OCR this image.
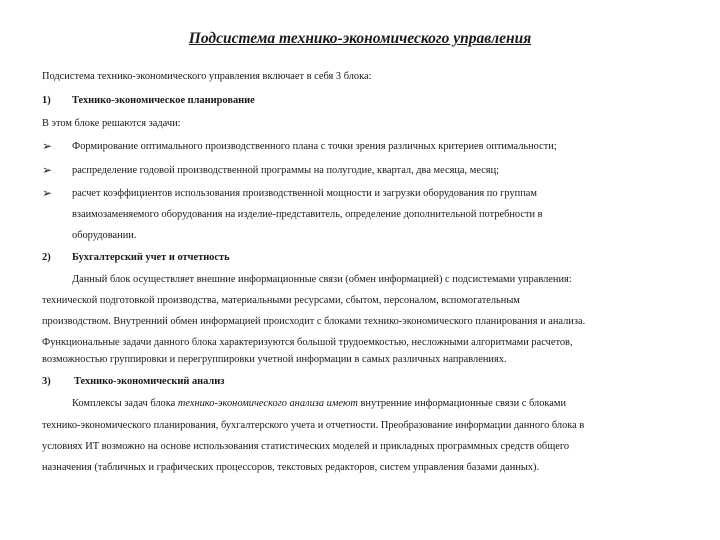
Подсистема технико-экономического управления
Подсистема технико-экономического управления включает в себя 3 блока:
1) Технико-экономическое планирование
В этом блоке решаются задачи:
➢ Формирование оптимального производственного плана с точки зрения различных критериев оптимальности;
➢ распределение годовой производственной программы на полугодие, квартал, два месяца, месяц;
➢ расчет коэффициентов использования производственной мощности и загрузки оборудования по группам
взаимозаменяемого оборудования на изделие-представитель, определение дополнительной потребности в
оборудовании.
2) Бухгалтерский учет и отчетность
Данный блок осуществляет внешние информационные связи (обмен информацией) с подсистемами управления:
технической подготовкой производства, материальными ресурсами, сбытом, персоналом, вспомогательным
производством. Внутренний обмен информацией происходит с блоками технико-экономического планирования и анализа.
Функциональные задачи данного блока характеризуются большой трудоемкостью, несложными алгоритмами расчетов,
возможностью группировки и перегруппировки учетной информации в самых различных направлениях.
3) Технико-экономический анализ
Комплексы задач блока технико-экономического анализа имеют внутренние информационные связи с блоками
технико-экономического планирования, бухгалтерского учета и отчетности. Преобразование информации данного блока в
условиях ИТ возможно на основе использования статистических моделей и прикладных программных средств общего
назначения (табличных и графических процессоров, текстовых редакторов, систем управления базами данных).
